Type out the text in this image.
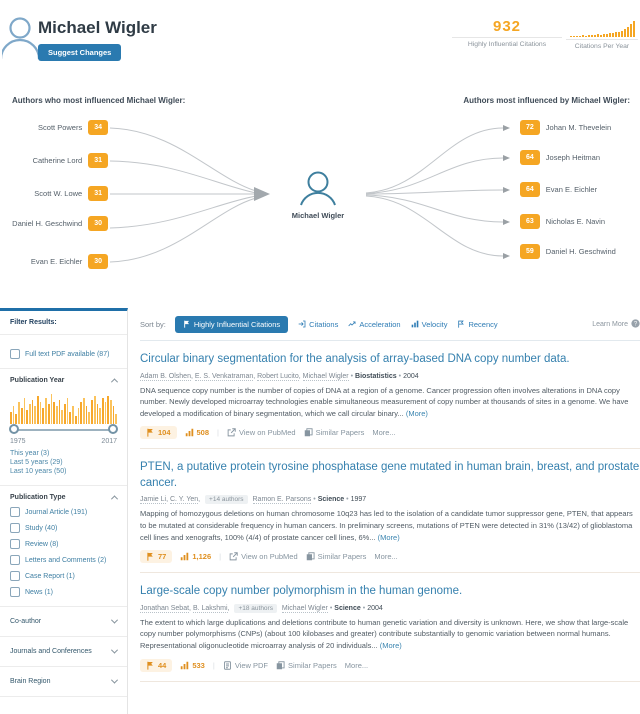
Michael Wigler
Suggest Changes
932
Highly Influential Citations	Citations Per Year
Authors who most influenced Michael Wigler:	Authors most influenced by Michael Wigler:
Scott Powers	34
Catherine Lord	31
Scott W. Lowe	31
Daniel H. Geschwind	30
Evan E. Eichler	30
72	Johan M. Thevelein
64	Joseph Heitman
64	Evan E. Eichler
63	Nicholas E. Navin
59	Daniel H. Geschwind
Michael Wigler
Filter Results:
Full text PDF available (87)
Publication Year
1975	2017
This year (3)
Last 5 years (29)
Last 10 years (50)
Publication Type
Journal Article (191)
Study (40)
Review (8)
Letters and Comments (2)
Case Report (1)
News (1)
Co-author
Journals and Conferences
Brain Region
Sort by:	Highly Influential Citations	Citations	Acceleration	Velocity	Recency	Learn More ?
Circular binary segmentation for the analysis of array-based DNA copy number data.
Adam B. Olshen, E. S. Venkatraman, Robert Lucito, Michael Wigler • Biostatistics • 2004
DNA sequence copy number is the number of copies of DNA at a region of a genome. Cancer progression often involves alterations in DNA copy number. Newly developed microarray technologies enable simultaneous measurement of copy number at thousands of sites in a genome. We have developed a modification of binary segmentation, which we call circular binary... (More)
104	508 |	View on PubMed	Similar Papers More...
PTEN, a putative protein tyrosine phosphatase gene mutated in human brain, breast, and prostate cancer.
Jamie Li, C. Y. Yen, +14 authors Ramon E. Parsons • Science • 1997
Mapping of homozygous deletions on human chromosome 10q23 has led to the isolation of a candidate tumor suppressor gene, PTEN, that appears to be mutated at considerable frequency in human cancers. In preliminary screens, mutations of PTEN were detected in 31% (13/42) of glioblastoma cell lines and xenografts, 100% (4/4) of prostate cancer cell lines, 6%... (More)
77	1,126 |	View on PubMed	Similar Papers More...
Large-scale copy number polymorphism in the human genome.
Jonathan Sebat, B. Lakshmi, +18 authors Michael Wigler • Science • 2004
The extent to which large duplications and deletions contribute to human genetic variation and diversity is unknown. Here, we show that large-scale copy number polymorphisms (CNPs) (about 100 kilobases and greater) contribute substantially to genomic variation between normal humans. Representational oligonucleotide microarray analysis of 20 individuals... (More)
44	533 |	View PDF	Similar Papers More...
